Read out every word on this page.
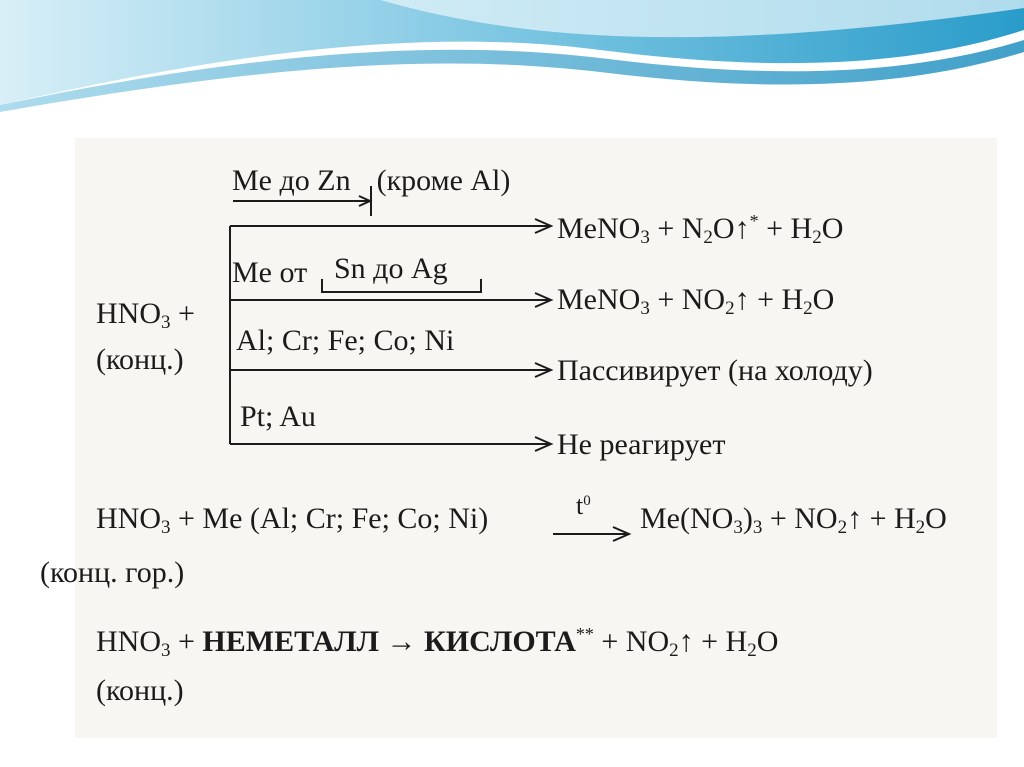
$HNO_3$ +
(конц.)
Me до Zn (кроме Al)
MeNO$_3$ + $N_2O↑^* + H_2O$
Me от Sn до Ag
MeNO$_3$ + $NO_2↑ + H_2O$
Al; Cr; Fe; Co; Ni
Пассивирует (на холоду)
Pt; Au
Не реагирует
$HNO_3 + Me$ (Al; Cr; Fe; Co; Ni)	$t^0$
$Me(NO_3)_3$ + $NO_2↑ + H_2O$
(конц. гор.)
$HNO_3$ + НЕМЕТАЛЛ → КИСЛОТА** + $NO_2↑ + H_2O$
(конц.)
